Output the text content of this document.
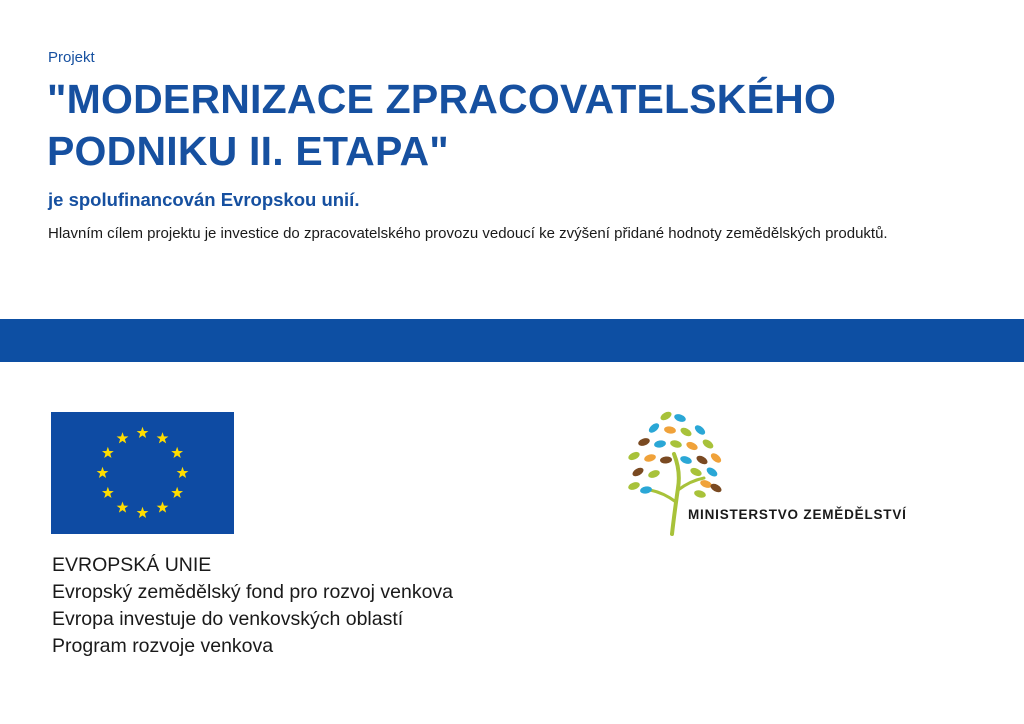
Projekt
"MODERNIZACE ZPRACOVATELSKÉHO PODNIKU II. ETAPA"
je spolufinancován Evropskou unií.
Hlavním cílem projektu je investice do zpracovatelského provozu vedoucí ke zvýšení přidané hodnoty zemědělských produktů.
EVROPSKÁ UNIE
Evropský zemědělský fond pro rozvoj venkova
Evropa investuje do venkovských oblastí
Program rozvoje venkova
MINISTERSTVO ZEMĚDĚLSTVÍ
